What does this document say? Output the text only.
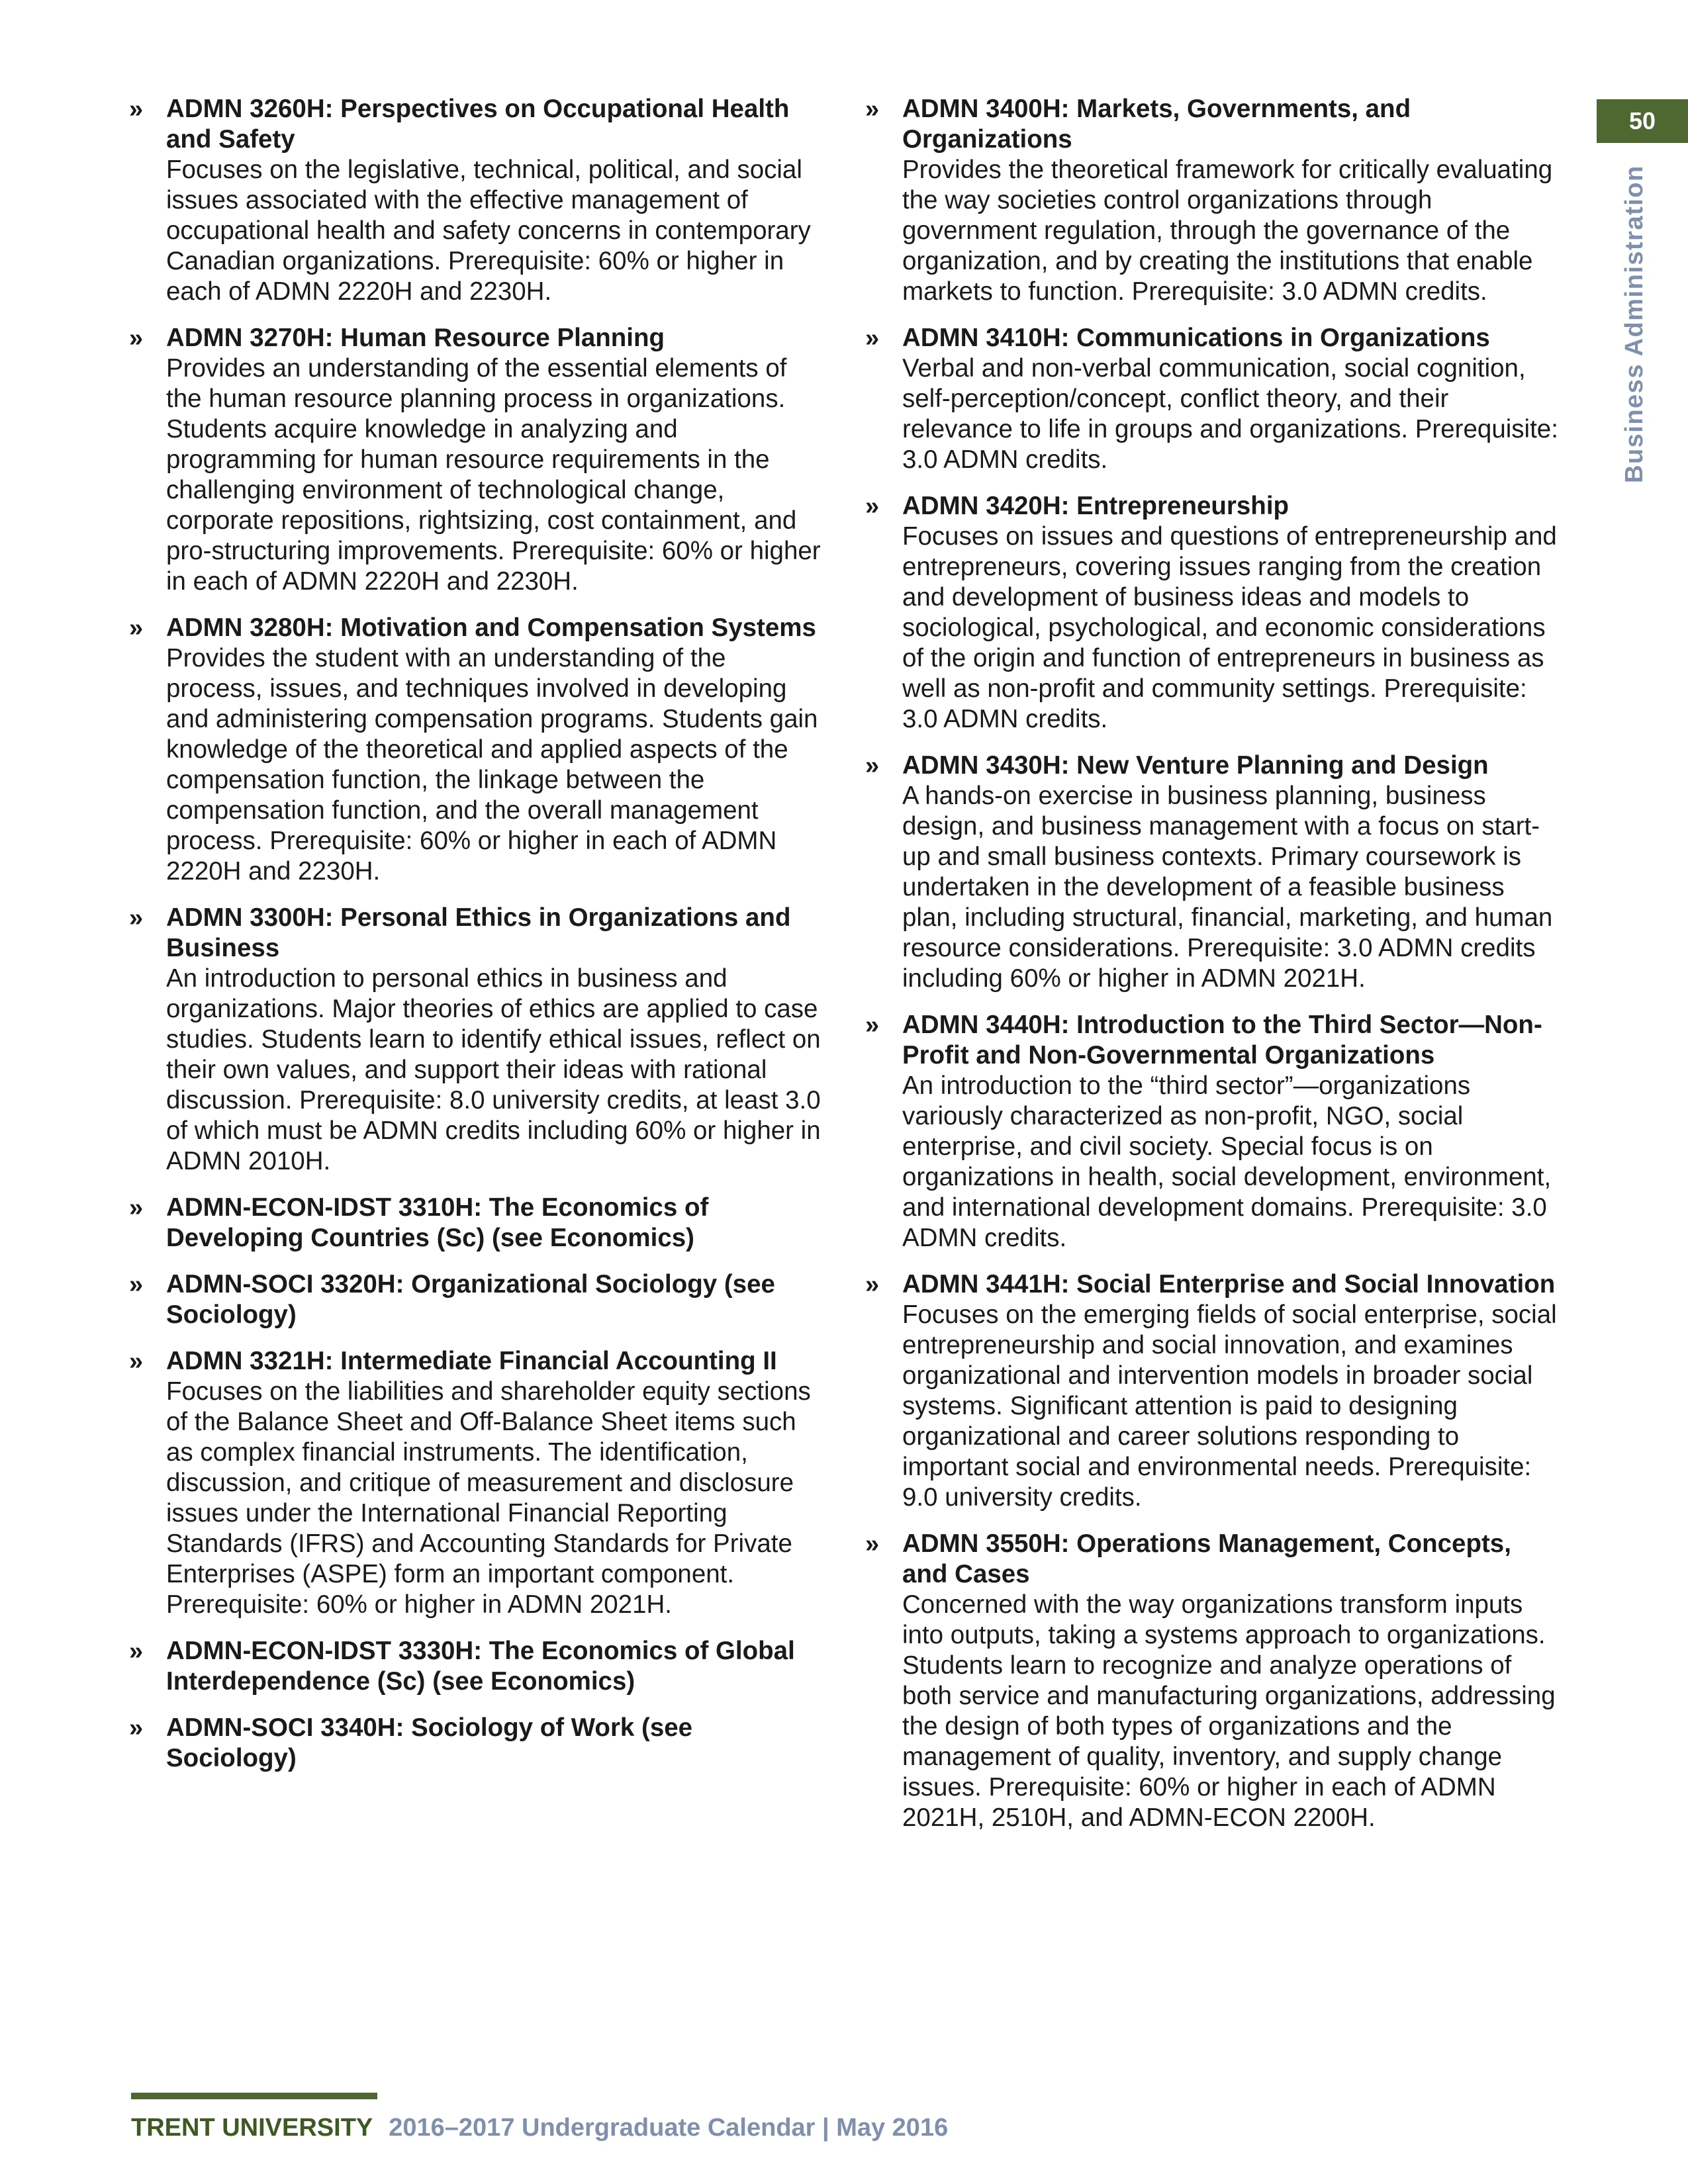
50
Business Administration
» ADMN 3260H: Perspectives on Occupational Health and Safety
Focuses on the legislative, technical, political, and social issues associated with the effective management of occupational health and safety concerns in contemporary Canadian organizations. Prerequisite: 60% or higher in each of ADMN 2220H and 2230H.
» ADMN 3270H: Human Resource Planning
Provides an understanding of the essential elements of the human resource planning process in organizations. Students acquire knowledge in analyzing and programming for human resource requirements in the challenging environment of technological change, corporate repositions, rightsizing, cost containment, and pro-structuring improvements. Prerequisite: 60% or higher in each of ADMN 2220H and 2230H.
» ADMN 3280H: Motivation and Compensation Systems
Provides the student with an understanding of the process, issues, and techniques involved in developing and administering compensation programs. Students gain knowledge of the theoretical and applied aspects of the compensation function, the linkage between the compensation function, and the overall management process. Prerequisite: 60% or higher in each of ADMN 2220H and 2230H.
» ADMN 3300H: Personal Ethics in Organizations and Business
An introduction to personal ethics in business and organizations. Major theories of ethics are applied to case studies. Students learn to identify ethical issues, reflect on their own values, and support their ideas with rational discussion. Prerequisite: 8.0 university credits, at least 3.0 of which must be ADMN credits including 60% or higher in ADMN 2010H.
» ADMN-ECON-IDST 3310H: The Economics of Developing Countries (Sc) (see Economics)
» ADMN-SOCI 3320H: Organizational Sociology (see Sociology)
» ADMN 3321H: Intermediate Financial Accounting II
Focuses on the liabilities and shareholder equity sections of the Balance Sheet and Off-Balance Sheet items such as complex financial instruments. The identification, discussion, and critique of measurement and disclosure issues under the International Financial Reporting Standards (IFRS) and Accounting Standards for Private Enterprises (ASPE) form an important component. Prerequisite: 60% or higher in ADMN 2021H.
» ADMN-ECON-IDST 3330H: The Economics of Global Interdependence (Sc) (see Economics)
» ADMN-SOCI 3340H: Sociology of Work (see Sociology)
» ADMN 3400H: Markets, Governments, and Organizations
Provides the theoretical framework for critically evaluating the way societies control organizations through government regulation, through the governance of the organization, and by creating the institutions that enable markets to function. Prerequisite: 3.0 ADMN credits.
» ADMN 3410H: Communications in Organizations
Verbal and non-verbal communication, social cognition, self-perception/concept, conflict theory, and their relevance to life in groups and organizations. Prerequisite: 3.0 ADMN credits.
» ADMN 3420H: Entrepreneurship
Focuses on issues and questions of entrepreneurship and entrepreneurs, covering issues ranging from the creation and development of business ideas and models to sociological, psychological, and economic considerations of the origin and function of entrepreneurs in business as well as non-profit and community settings. Prerequisite: 3.0 ADMN credits.
» ADMN 3430H: New Venture Planning and Design
A hands-on exercise in business planning, business design, and business management with a focus on start-up and small business contexts. Primary coursework is undertaken in the development of a feasible business plan, including structural, financial, marketing, and human resource considerations. Prerequisite: 3.0 ADMN credits including 60% or higher in ADMN 2021H.
» ADMN 3440H: Introduction to the Third Sector—Non-Profit and Non-Governmental Organizations
An introduction to the “third sector”—organizations variously characterized as non-profit, NGO, social enterprise, and civil society. Special focus is on organizations in health, social development, environment, and international development domains. Prerequisite: 3.0 ADMN credits.
» ADMN 3441H: Social Enterprise and Social Innovation
Focuses on the emerging fields of social enterprise, social entrepreneurship and social innovation, and examines organizational and intervention models in broader social systems. Significant attention is paid to designing organizational and career solutions responding to important social and environmental needs. Prerequisite: 9.0 university credits.
» ADMN 3550H: Operations Management, Concepts, and Cases
Concerned with the way organizations transform inputs into outputs, taking a systems approach to organizations. Students learn to recognize and analyze operations of both service and manufacturing organizations, addressing the design of both types of organizations and the management of quality, inventory, and supply change issues. Prerequisite: 60% or higher in each of ADMN 2021H, 2510H, and ADMN-ECON 2200H.
TRENT UNIVERSITY 2016–2017 Undergraduate Calendar | May 2016
